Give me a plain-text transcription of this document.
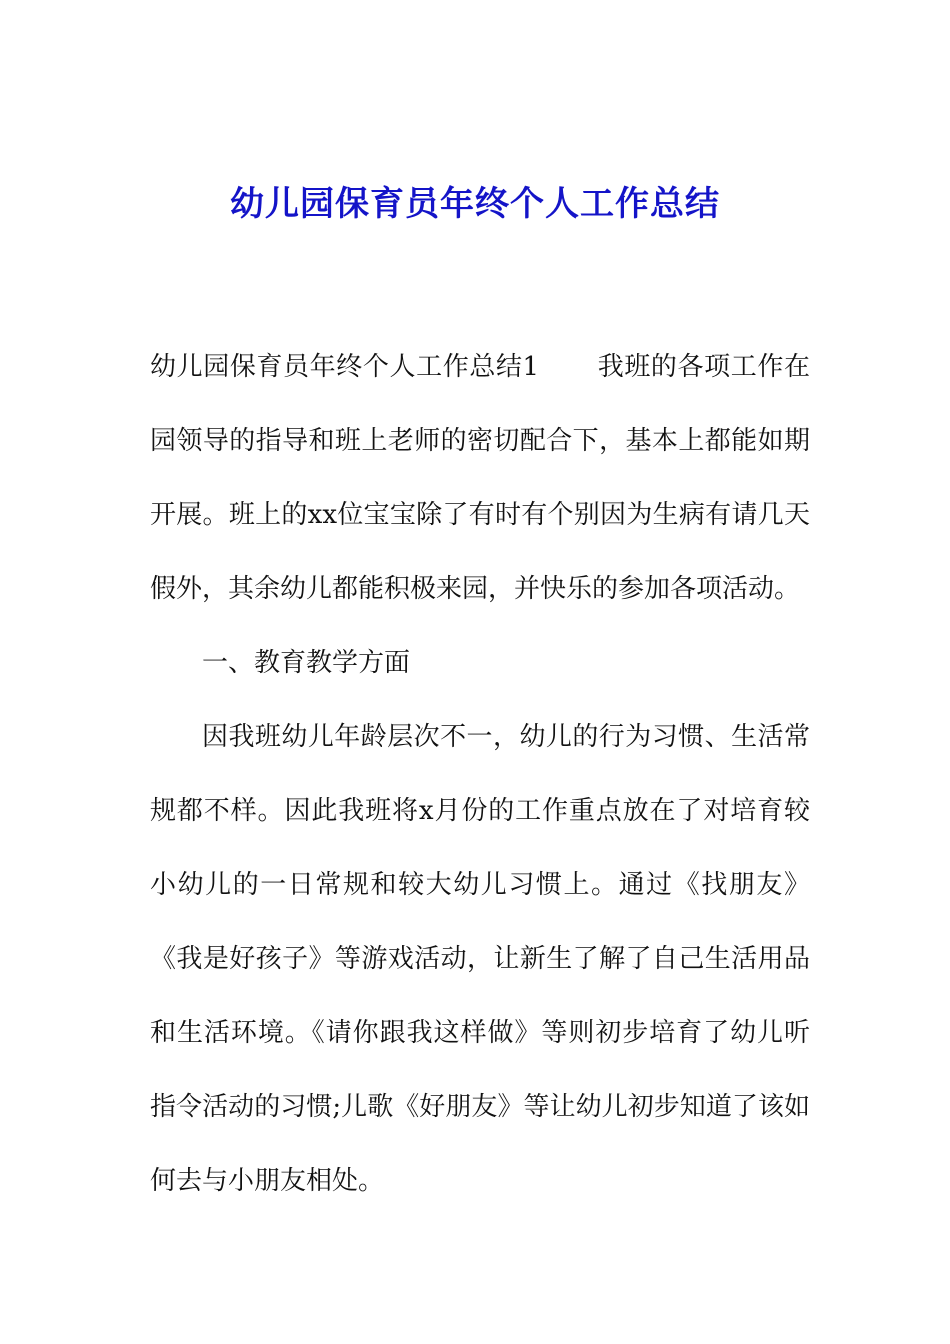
幼儿园保育员年终个人工作总结

幼儿园保育员年终个人工作总结1 我班的各项工作在园领导的指导和班上老师的密切配合下，基本上都能如期开展。班上的xx位宝宝除了有时有个别因为生病有请几天假外，其余幼儿都能积极来园，并快乐的参加各项活动。

一、教育教学方面

因我班幼儿年龄层次不一，幼儿的行为习惯、生活常规都不样。因此我班将x月份的工作重点放在了对培育较小幼儿的一日常规和较大幼儿习惯上。通过《找朋友》《我是好孩子》等游戏活动，让新生了解了自己生活用品和生活环境。《请你跟我这样做》等则初步培育了幼儿听指令活动的习惯;儿歌《好朋友》等让幼儿初步知道了该如何去与小朋友相处。
